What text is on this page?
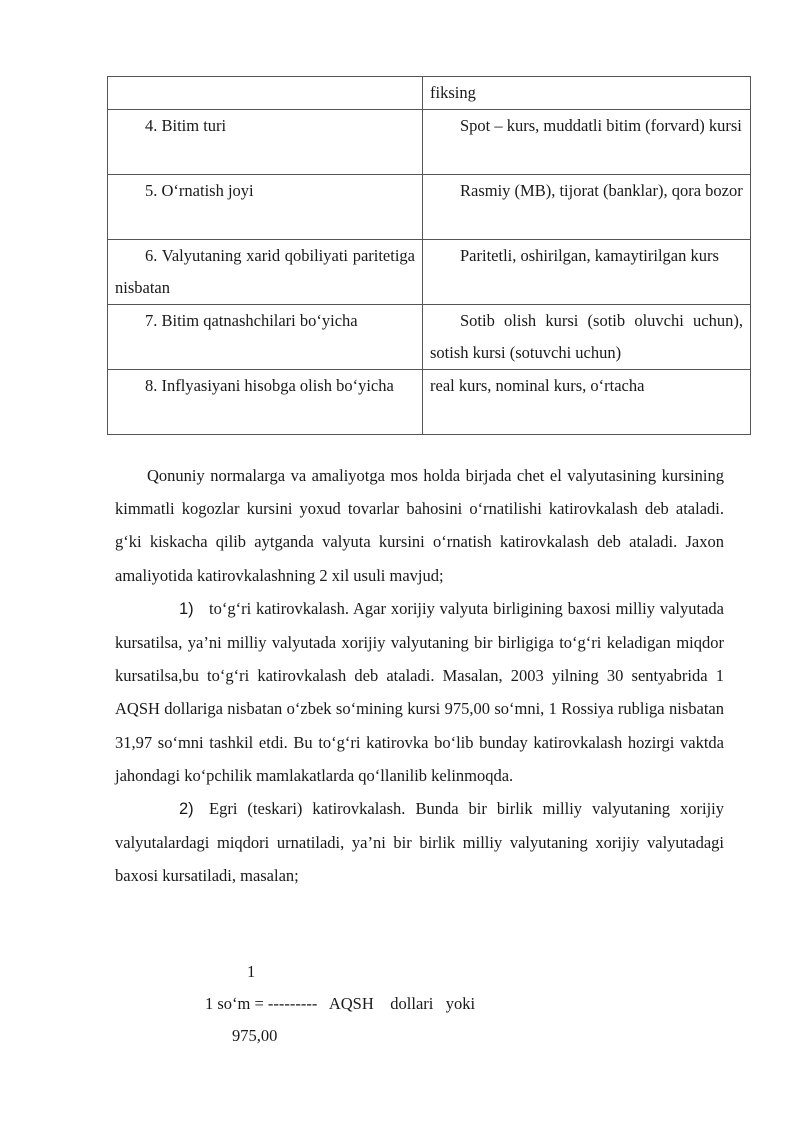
	fiksing
4. Bitim turi	Spot – kurs, muddatli bitim (forvard) kursi
5. O‘rnatish joyi	Rasmiy (MB), tijorat (banklar), qora bozor
6. Valyutaning xarid qobiliyati paritetiga nisbatan	Paritetli, oshirilgan, kamaytirilgan kurs
7. Bitim qatnashchilari bo‘yicha	Sotib olish kursi (sotib oluvchi uchun), sotish kursi (sotuvchi uchun)
8. Inflyasiyani hisobga olish bo‘yicha	real kurs, nominal kurs, o‘rtacha

Qonuniy normalarga va amaliyotga mos holda birjada chet el valyutasining kursining kimmatli kogozlar kursini yoxud tovarlar bahosini o‘rnatilishi katirovkalash deb ataladi. g‘ki kiskacha qilib aytganda valyuta kursini o‘rnatish katirovkalash deb ataladi. Jaxon amaliyotida katirovkalashning 2 xil usuli mavjud;

1) to‘g‘ri katirovkalash. Agar xorijiy valyuta birligining baxosi milliy valyutada kursatilsa, ya’ni milliy valyutada xorijiy valyutaning bir birligiga to‘g‘ri keladigan miqdor kursatilsa,bu to‘g‘ri katirovkalash deb ataladi. Masalan, 2003 yilning 30 sentyabrida 1 AQSH dollariga nisbatan o‘zbek so‘mining kursi 975,00 so‘mni, 1 Rossiya rubliga nisbatan 31,97 so‘mni tashkil etdi. Bu to‘g‘ri katirovka bo‘lib bunday katirovkalash hozirgi vaktda jahondagi ko‘pchilik mamlakatlarda qo‘llanilib kelinmoqda.

2) Egri (teskari) katirovkalash. Bunda bir birlik milliy valyutaning xorijiy valyutalardagi miqdori urnatiladi, ya’ni bir birlik milliy valyutaning xorijiy valyutadagi baxosi kursatiladi, masalan;

1
1 so‘m = ---------   AQSH    dollari   yoki
975,00
